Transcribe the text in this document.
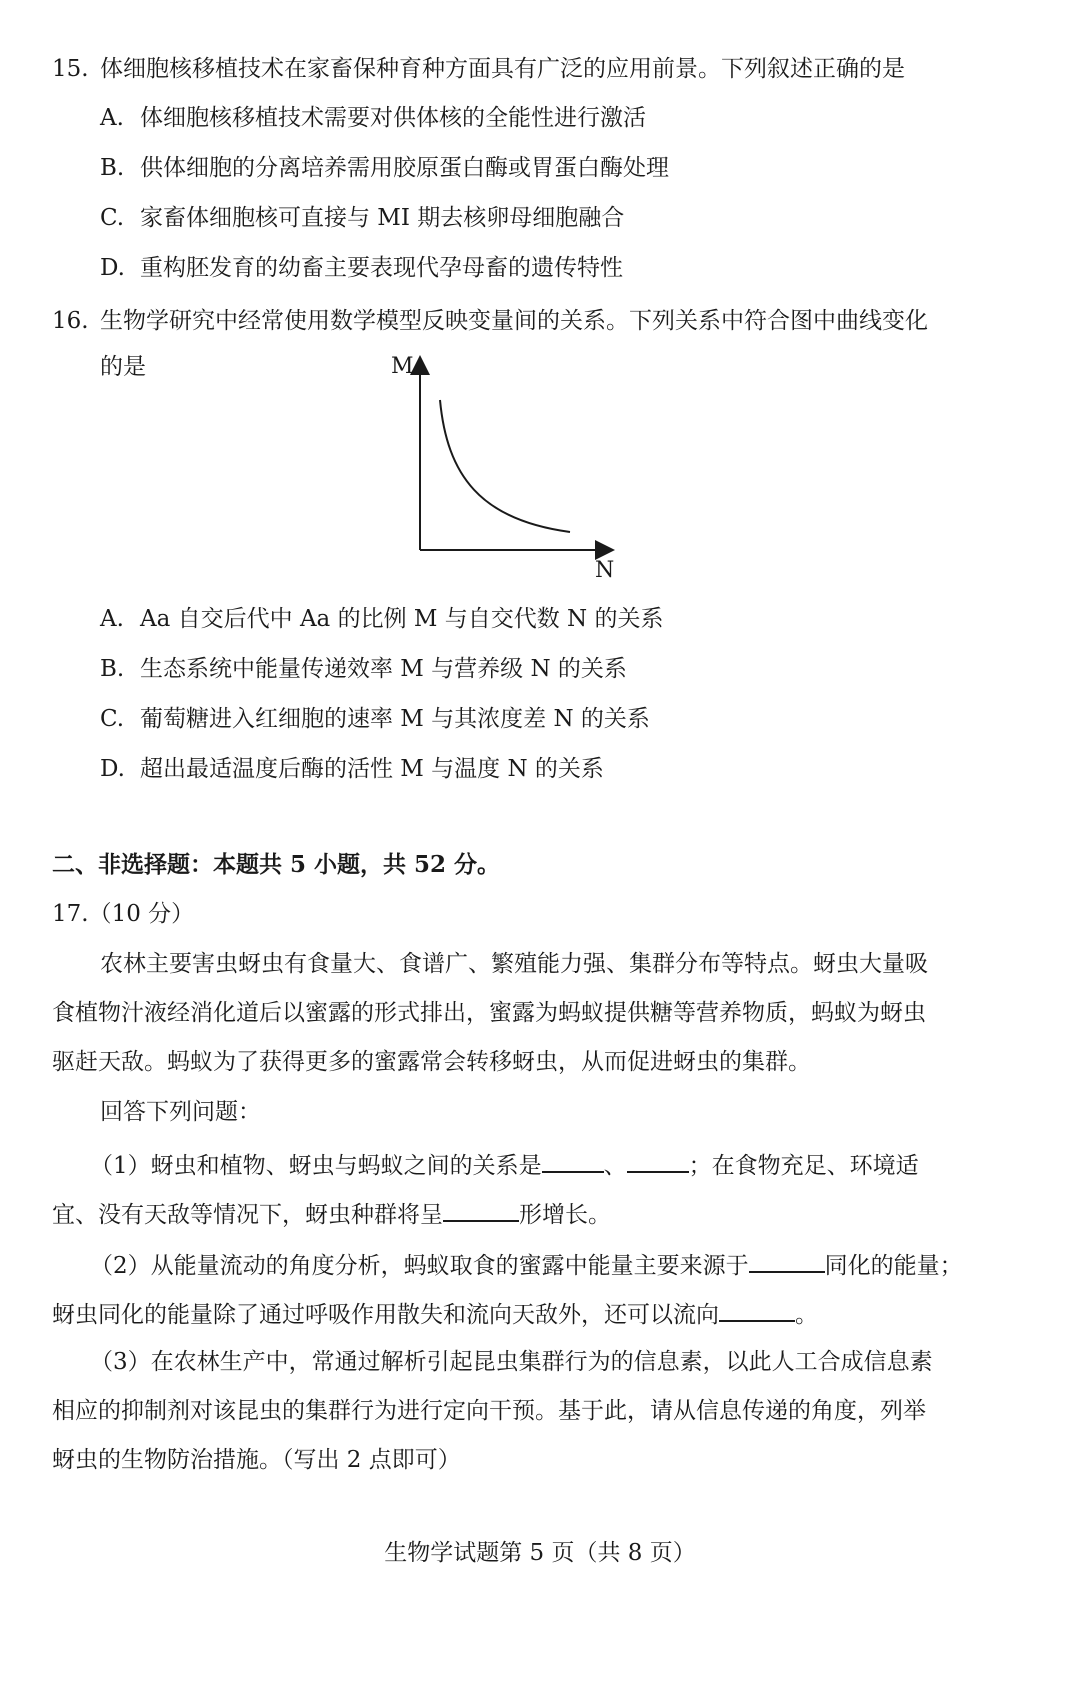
15. 体细胞核移植技术在家畜保种育种方面具有广泛的应用前景。下列叙述正确的是
A. 体细胞核移植技术需要对供体核的全能性进行激活
B. 供体细胞的分离培养需用胶原蛋白酶或胃蛋白酶处理
C. 家畜体细胞核可直接与 MⅠ 期去核卵母细胞融合
D. 重构胚发育的幼畜主要表现代孕母畜的遗传特性
16. 生物学研究中经常使用数学模型反映变量间的关系。下列关系中符合图中曲线变化
的是	M
N
A. Aa 自交后代中 Aa 的比例 M 与自交代数 N 的关系
B. 生态系统中能量传递效率 M 与营养级 N 的关系
C. 葡萄糖进入红细胞的速率 M 与其浓度差 N 的关系
D. 超出最适温度后酶的活性 M 与温度 N 的关系
二、非选择题：本题共 5 小题，共 52 分。
17.（10 分）
农林主要害虫蚜虫有食量大、食谱广、繁殖能力强、集群分布等特点。蚜虫大量吸
食植物汁液经消化道后以蜜露的形式排出，蜜露为蚂蚁提供糖等营养物质，蚂蚁为蚜虫
驱赶天敌。蚂蚁为了获得更多的蜜露常会转移蚜虫，从而促进蚜虫的集群。
回答下列问题：
（1）蚜虫和植物、蚜虫与蚂蚁之间的关系是	、	；在食物充足、环境适
宜、没有天敌等情况下，蚜虫种群将呈	形增长。
（2）从能量流动的角度分析，蚂蚁取食的蜜露中能量主要来源于	同化的能量；
蚜虫同化的能量除了通过呼吸作用散失和流向天敌外，还可以流向	。
（3）在农林生产中，常通过解析引起昆虫集群行为的信息素，以此人工合成信息素
相应的抑制剂对该昆虫的集群行为进行定向干预。基于此，请从信息传递的角度，列举
蚜虫的生物防治措施。（写出 2 点即可）
生物学试题第 5 页（共 8 页）
